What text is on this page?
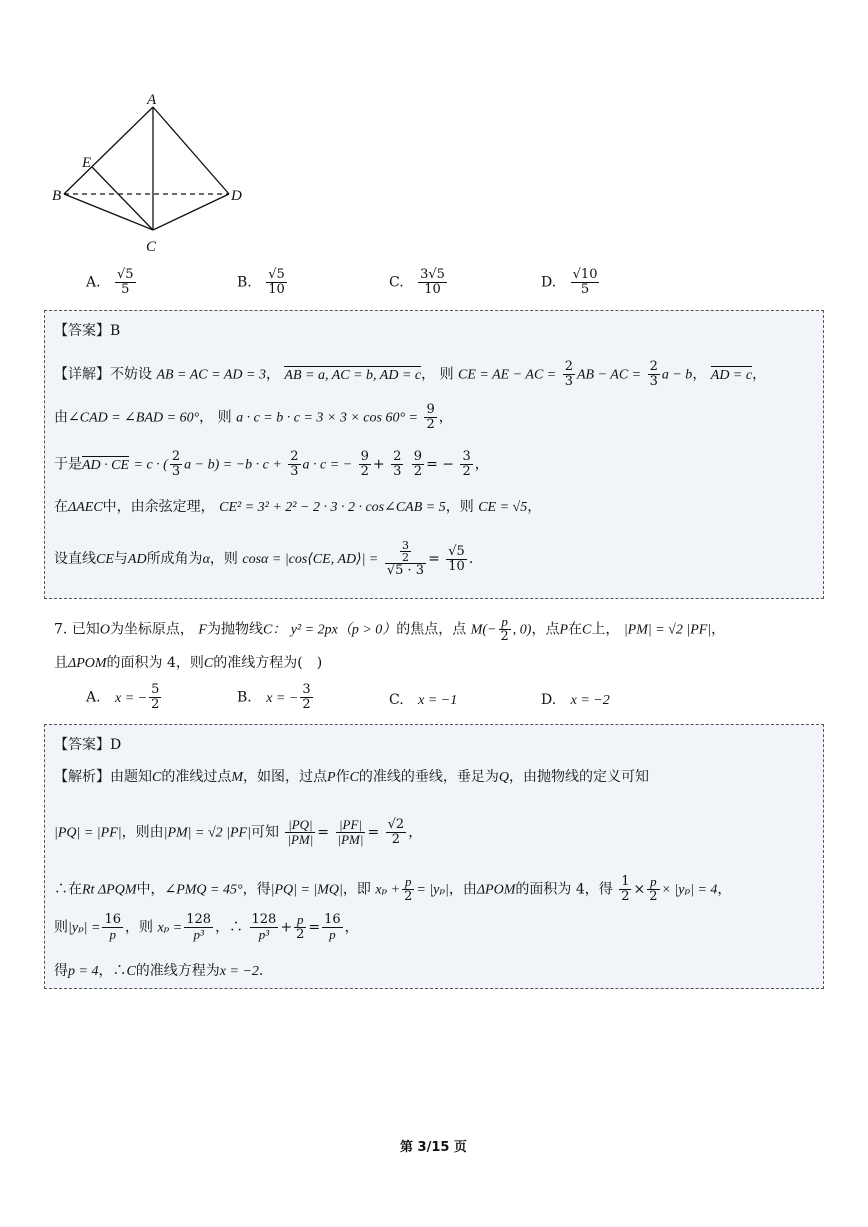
A
B
C
D
E
A. $\frac{√5}{5}$	B. $\frac{√5}{10}$	C. $\frac{3√5}{10}$	D. $\frac{√10}{5}$
【答案】B
【详解】不妨设 AB = AC = AD = 3， AB = a, AC = b, AD = c， 则 CE = AE − AC = $\frac{2}{3}$ AB − AC = $\frac{2}{3}$ a − b， AD = c，
由∠CAD = ∠BAD = 60°， 则 $a \cdot c = b \cdot c = 3 \times 3 \times \cos 60^\circ = \frac{9}{2}$ ，
于是AD · CE = c · ( $\frac{2}{3}$ $a - b) = -b \cdot c + \frac{2}{3}$ a · c = − $\frac{9}{2} + \frac{2}{3}$
$\frac{9}{2}$ = − $\frac{3}{2}$ ，
在ΔAEC中，由余弦定理， CE² = 3² + 2² − 2 · 3 · 2 · cos∠CAB = 5，则 CE = √5，
设直线CE与AD所成角为α，则 cosα = |cos⟨CE, AD⟩| = $\frac{\frac{3}{2}}{√5 \cdot 3} = \frac{√5}{10}$ .
7. 已知O为坐标原点， F为抛物线C： y² = 2px（p > 0）的焦点，点 $M(- \frac{p}{2}$ , 0)，点P在C上， |PM| = √2 |PF|，
且ΔPOM的面积为 4，则C的准线方程为(　)
A. x = − $\frac{5}{2}$	B. x = − $\frac{3}{2}$	C. x = −1	D. x = −2
【答案】D
【解析】由题知C的准线过点M，如图，过点P作C的准线的垂线，垂足为Q，由抛物线的定义可知
|PQ| = |PF|，则由|PM| = √2 |PF|可知 $\frac{|PQ|}{|PM|} = \frac{|PF|}{|PM|} = \frac{√2}{2}$ ，
∴在Rt ΔPQM中，∠PMQ = 45°，得|PQ| = |MQ|，即 $x_p + \frac{p}{2} = |y_p|$，由ΔPOM的面积为 4，得 $\frac{1}{2} \times \frac{p}{2} \times |y_p| = 4$，
则$|y_p| = \frac{16}{p}$ ，则 $x_p = \frac{128}{\text{p³}}$ ，∴ $\frac{128}{\text{p³}} + \frac{p}{2} = \frac{16}{p}$ ，
得p = 4，∴C的准线方程为x = −2.
第 3/15 页
